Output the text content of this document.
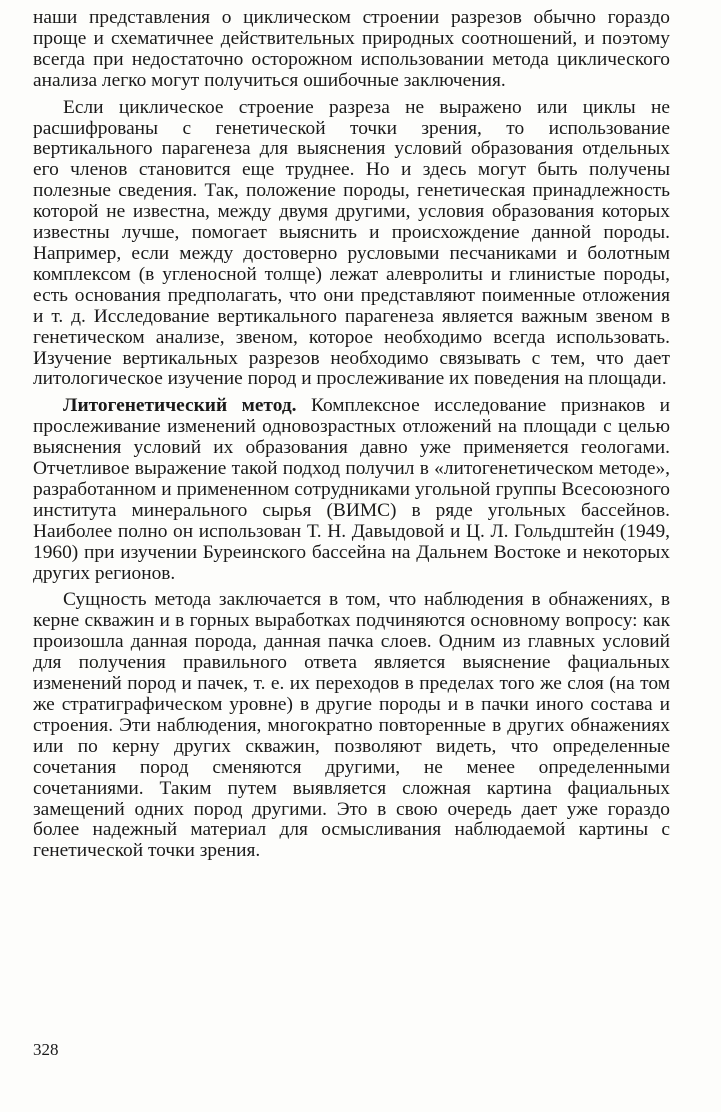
наши представления о циклическом строении разрезов обычно гораздо проще и схематичнее действительных природных соотношений, и поэтому всегда при недостаточно осторожном использовании метода циклического анализа легко могут получиться ошибочные заключения.

Если циклическое строение разреза не выражено или циклы не расшифрованы с генетической точки зрения, то использование вертикального парагенеза для выяснения условий образования отдельных его членов становится еще труднее. Но и здесь могут быть получены полезные сведения. Так, положение породы, генетическая принадлежность которой не известна, между двумя другими, условия образования которых известны лучше, помогает выяснить и происхождение данной породы. Например, если между достоверно русловыми песчаниками и болотным комплексом (в угленосной толще) лежат алевролиты и глинистые породы, есть основания предполагать, что они представляют поименные отложения и т. д. Исследование вертикального парагенеза является важным звеном в генетическом анализе, звеном, которое необходимо всегда использовать. Изучение вертикальных разрезов необходимо связывать с тем, что дает литологическое изучение пород и прослеживание их поведения на площади.

Литогенетический метод. Комплексное исследование признаков и прослеживание изменений одновозрастных отложений на площади с целью выяснения условий их образования давно уже применяется геологами. Отчетливое выражение такой подход получил в «литогенетическом методе», разработанном и примененном сотрудниками угольной группы Всесоюзного института минерального сырья (ВИМС) в ряде угольных бассейнов. Наиболее полно он использован Т. Н. Давыдовой и Ц. Л. Гольдштейн (1949, 1960) при изучении Буреинского бассейна на Дальнем Востоке и некоторых других регионов.

Сущность метода заключается в том, что наблюдения в обнажениях, в керне скважин и в горных выработках подчиняются основному вопросу: как произошла данная порода, данная пачка слоев. Одним из главных условий для получения правильного ответа является выяснение фациальных изменений пород и пачек, т. е. их переходов в пределах того же слоя (на том же стратиграфическом уровне) в другие породы и в пачки иного состава и строения. Эти наблюдения, многократно повторенные в других обнажениях или по керну других скважин, позволяют видеть, что определенные сочетания пород сменяются другими, не менее определенными сочетаниями. Таким путем выявляется сложная картина фациальных замещений одних пород другими. Это в свою очередь дает уже гораздо более надежный материал для осмысливания наблюдаемой картины с генетической точки зрения.

328
